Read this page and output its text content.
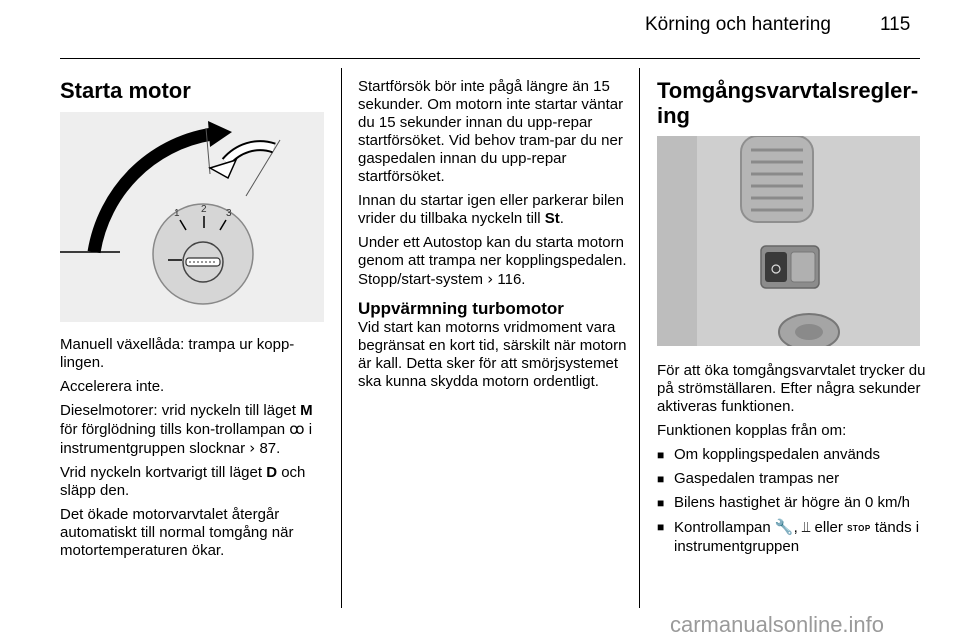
Körning och hantering	115
Starta motor
1 2 3

Manuell växellåda: trampa ur kopp-lingen.

Accelerera inte.

Dieselmotorer: vrid nyckeln till läget M för förglödning tills kon-trollampan ꝏ i instrumentgruppen slocknar › 87.

Vrid nyckeln kortvarigt till läget D och släpp den.

Det ökade motorvarvtalet återgår automatiskt till normal tomgång när motortemperaturen ökar.

Startförsök bör inte pågå längre än 15 sekunder. Om motorn inte startar väntar du 15 sekunder innan du upp-repar startförsöket. Vid behov tram-par du ner gaspedalen innan du upp-repar startförsöket.

Innan du startar igen eller parkerar bilen vrider du tillbaka nyckeln till St.

Under ett Autostop kan du starta motorn genom att trampa ner kopplingspedalen. Stopp/start-system › 116.

Uppvärmning turbomotor

Vid start kan motorns vridmoment vara begränsat en kort tid, särskilt när motorn är kall. Detta sker för att smörjsystemet ska kunna skydda motorn ordentligt.

Tomgångsvarvtalsregler-ing

För att öka tomgångsvarvtalet trycker du på strömställaren. Efter några sekunder aktiveras funktionen.

Funktionen kopplas från om:

■ Om kopplingspedalen används
■ Gaspedalen trampas ner
■ Bilens hastighet är högre än 0 km/h
■ Kontrollampan 🔧, ⫫ eller STOP tänds i instrumentgruppen
carmanualsonline.info
